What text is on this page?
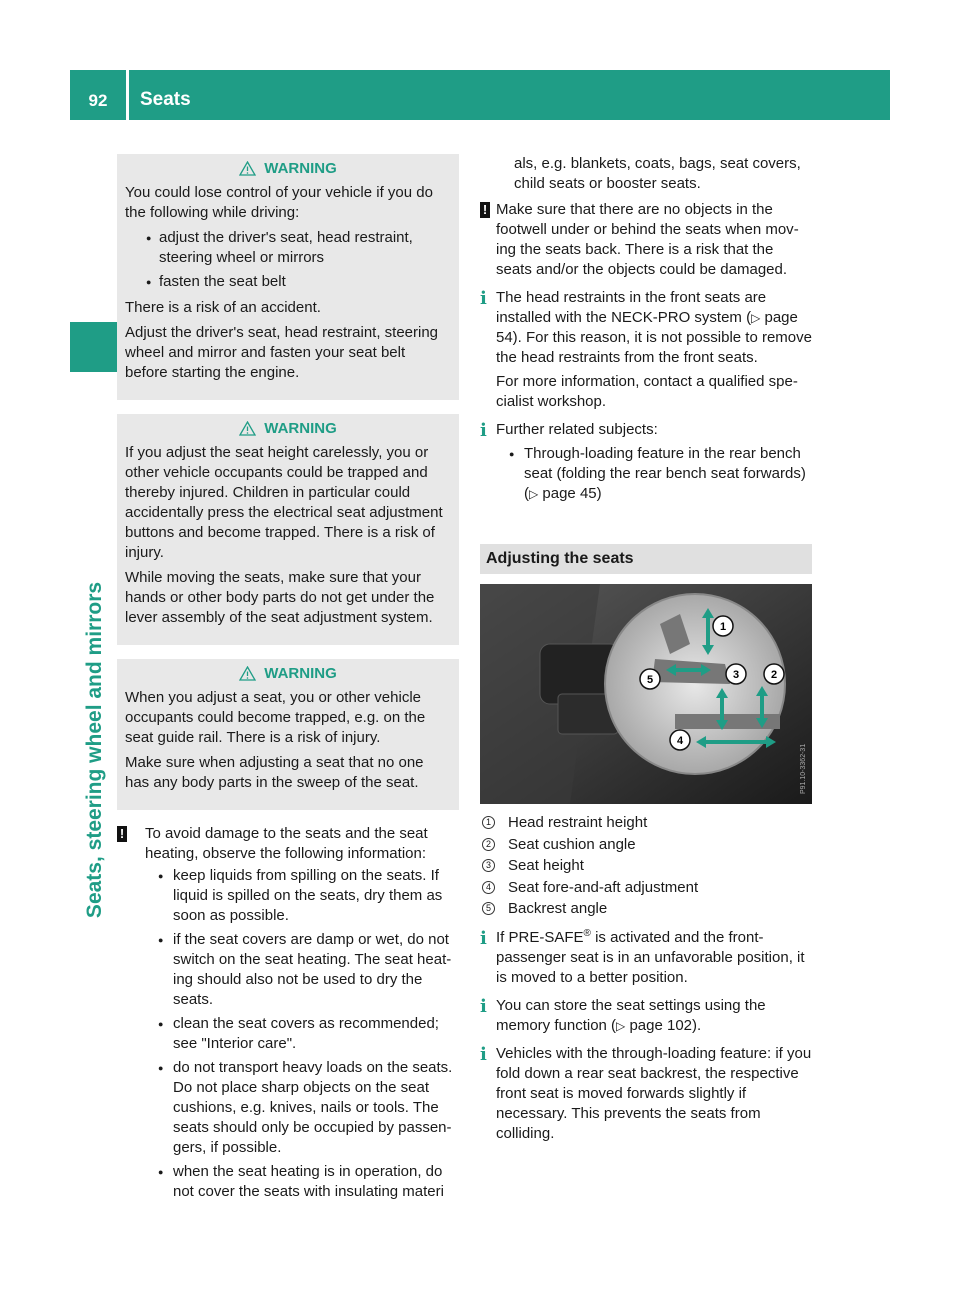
92	Seats
Seats, steering wheel and mirrors
WARNING

You could lose control of your vehicle if you do the following while driving:

● adjust the driver's seat, head restraint, steering wheel or mirrors
● fasten the seat belt

There is a risk of an accident.

Adjust the driver's seat, head restraint, steering wheel and mirror and fasten your seat belt before starting the engine.

WARNING

If you adjust the seat height carelessly, you or other vehicle occupants could be trapped and thereby injured. Children in particular could accidentally press the electrical seat adjustment buttons and become trapped. There is a risk of injury.

While moving the seats, make sure that your hands or other body parts do not get under the lever assembly of the seat adjustment system.

WARNING

When you adjust a seat, you or other vehicle occupants could become trapped, e.g. on the seat guide rail. There is a risk of injury.

Make sure when adjusting a seat that no one has any body parts in the sweep of the seat.

! To avoid damage to the seats and the seat heating, observe the following information:
● keep liquids from spilling on the seats. If liquid is spilled on the seats, dry them as soon as possible.
● if the seat covers are damp or wet, do not switch on the seat heating. The seat heating should also not be used to dry the seats.
● clean the seat covers as recommended; see "Interior care".
● do not transport heavy loads on the seats. Do not place sharp objects on the seat cushions, e.g. knives, nails or tools. The seats should only be occupied by passengers, if possible.
● when the seat heating is in operation, do not cover the seats with insulating materi
als, e.g. blankets, coats, bags, seat covers, child seats or booster seats.
! Make sure that there are no objects in the footwell under or behind the seats when moving the seats back. There is a risk that the seats and/or the objects could be damaged.
i The head restraints in the front seats are installed with the NECK-PRO system (▷ page 54). For this reason, it is not possible to remove the head restraints from the front seats.

For more information, contact a qualified specialist workshop.

i Further related subjects:

● Through-loading feature in the rear bench seat (folding the rear bench seat forwards) (▷ page 45)
Adjusting the seats
1
2
3
4
5
P91.10-3362-31
1 Head restraint height
2 Seat cushion angle
3 Seat height
4 Seat fore-and-aft adjustment
5 Backrest angle
i If PRE-SAFE® is activated and the front-passenger seat is in an unfavorable position, it is moved to a better position.

i You can store the seat settings using the memory function (▷ page 102).

i Vehicles with the through-loading feature: if you fold down a rear seat backrest, the respective front seat is moved forwards slightly if necessary. This prevents the seats from colliding.
